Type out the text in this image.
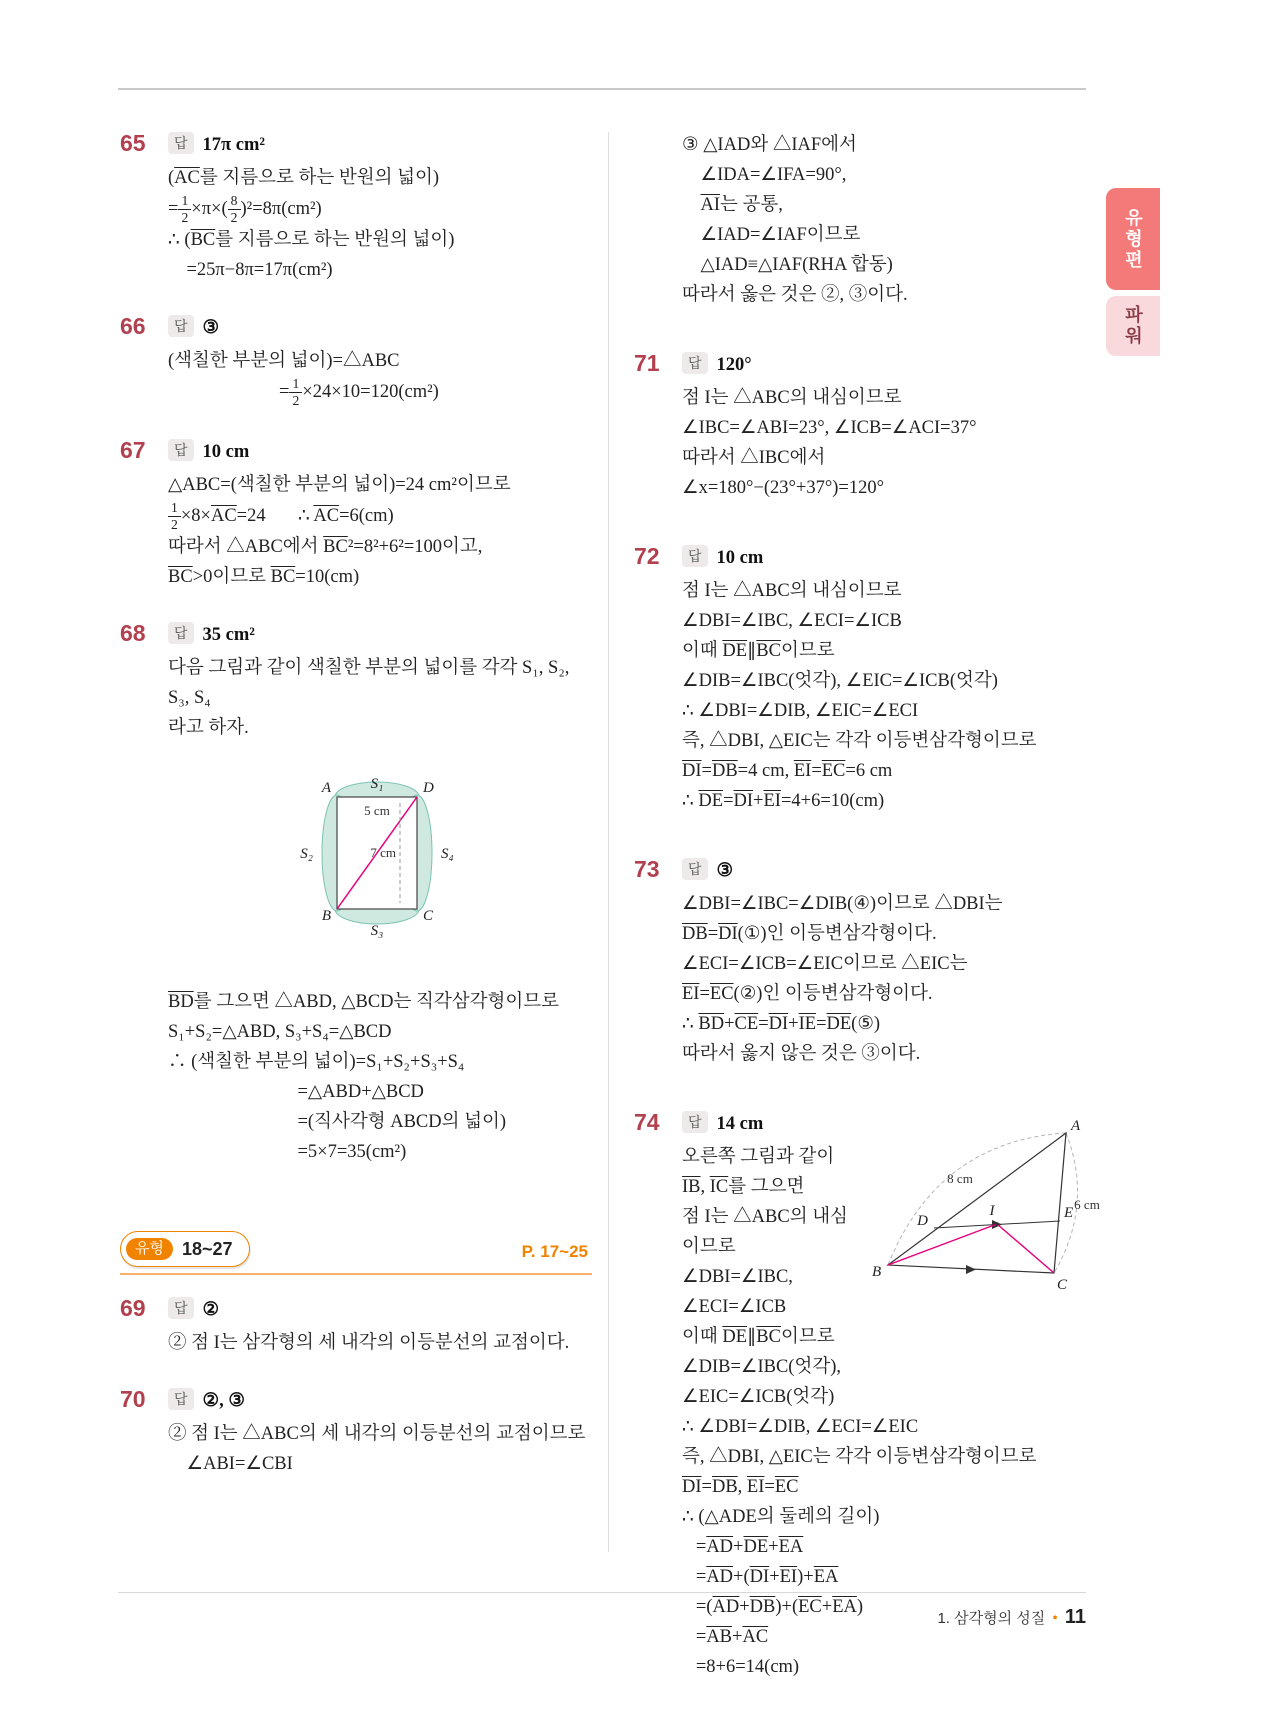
65	답 17π cm²
($\overline{AC}$를 지름으로 하는 반원의 넓이)
= $\frac{1}{2} \times\pi\times( \frac{8}{2} )^2=8\pi(cm^2)$
∴ ($\overline{BC}$를 지름으로 하는 반원의 넓이)
=25π−8π=17π(cm²)
66	답 ③
(색칠한 부분의 넓이)=△ABC
= $\frac{1}{2} \times 24\times 10=120(cm^2)$
67	답 10 cm
△ABC=(색칠한 부분의 넓이)=24 cm²이므로
$\frac{1}{2} \times 8\times\overline{AC}=24$       ∴ $\overline{AC}=6(cm)$
따라서 △ABC에서 $\overline{BC}^2=8^2+6^2=100$이고,
$\overline{BC}>0$이므로 $\overline{BC}=10(cm)$
68	답 35 cm²
다음 그림과 같이 색칠한 부분의 넓이를 각각 S₁, S₂, S₃, S₄
라고 하자.
A	D
B	C
S₁
S₂
S₃
S₄
5 cm
7 cm
$\overline{BD}$를 그으면 △ABD, △BCD는 직각삼각형이므로
S₁+S₂=△ABD, S₃+S₄=△BCD
∴ (색칠한 부분의 넓이)=S₁+S₂+S₃+S₄
=△ABD+△BCD
=(직사각형 ABCD의 넓이)
=5×7=35(cm²)
유형	18~27	P. 17~25
69	답 ②
② 점 I는 삼각형의 세 내각의 이등분선의 교점이다.
70	답 ②, ③
② 점 I는 △ABC의 세 내각의 이등분선의 교점이므로
∠ABI=∠CBI
③ △IAD와 △IAF에서
∠IDA=∠IFA=90°,
$\overline{AI}$는 공통,
∠IAD=∠IAF이므로
△IAD≡△IAF(RHA 합동)
따라서 옳은 것은 ②, ③이다.
71	답 120°
점 I는 △ABC의 내심이므로
∠IBC=∠ABI=23°, ∠ICB=∠ACI=37°
따라서 △IBC에서
∠x=180°−(23°+37°)=120°
72	답 10 cm
점 I는 △ABC의 내심이므로
∠DBI=∠IBC, ∠ECI=∠ICB
이때 $\overline{DE}\parallel\overline{BC}$이므로
∠DIB=∠IBC(엇각), ∠EIC=∠ICB(엇각)
∴ ∠DBI=∠DIB, ∠EIC=∠ECI
즉, △DBI, △EIC는 각각 이등변삼각형이므로
$\overline{DI}=\overline{DB}=4$ cm, $\overline{EI}=\overline{EC}=6$ cm
∴ $\overline{DE}=\overline{DI}+\overline{EI}=4+6=10(cm)$
73	답 ③
∠DBI=∠IBC=∠DIB(④)이므로 △DBI는
$\overline{DB}=\overline{DI}(①)$인 이등변삼각형이다.
∠ECI=∠ICB=∠EIC이므로 △EIC는
$\overline{EI}=\overline{EC}(②)$인 이등변삼각형이다.
∴ $\overline{BD}+\overline{CE}=\overline{DI}+\overline{IE}=\overline{DE}(⑤)$
따라서 옳지 않은 것은 ③이다.
A
B
C
D	E
I
8 cm
6 cm
74	답 14 cm
오른쪽 그림과 같이 $\overline{IB}$, $\overline{IC}$를 그으면
점 I는 △ABC의 내심이므로
∠DBI=∠IBC, ∠ECI=∠ICB
이때 $\overline{DE}\parallel\overline{BC}$이므로
∠DIB=∠IBC(엇각),
∠EIC=∠ICB(엇각)
∴ ∠DBI=∠DIB, ∠ECI=∠EIC
즉, △DBI, △EIC는 각각 이등변삼각형이므로
$\overline{DI}=\overline{DB}$, $\overline{EI}=\overline{EC}$
∴ (△ADE의 둘레의 길이)
$=\overline{AD}+\overline{DE}+\overline{EA}$
$=\overline{AD}+(\overline{DI}+\overline{EI})+\overline{EA}$
$=(\overline{AD}+\overline{DB})+(\overline{EC}+\overline{EA})$
$=\overline{AB}+\overline{AC}$
=8+6=14(cm)
유형편
파워
1. 삼각형의 성질 • 11
